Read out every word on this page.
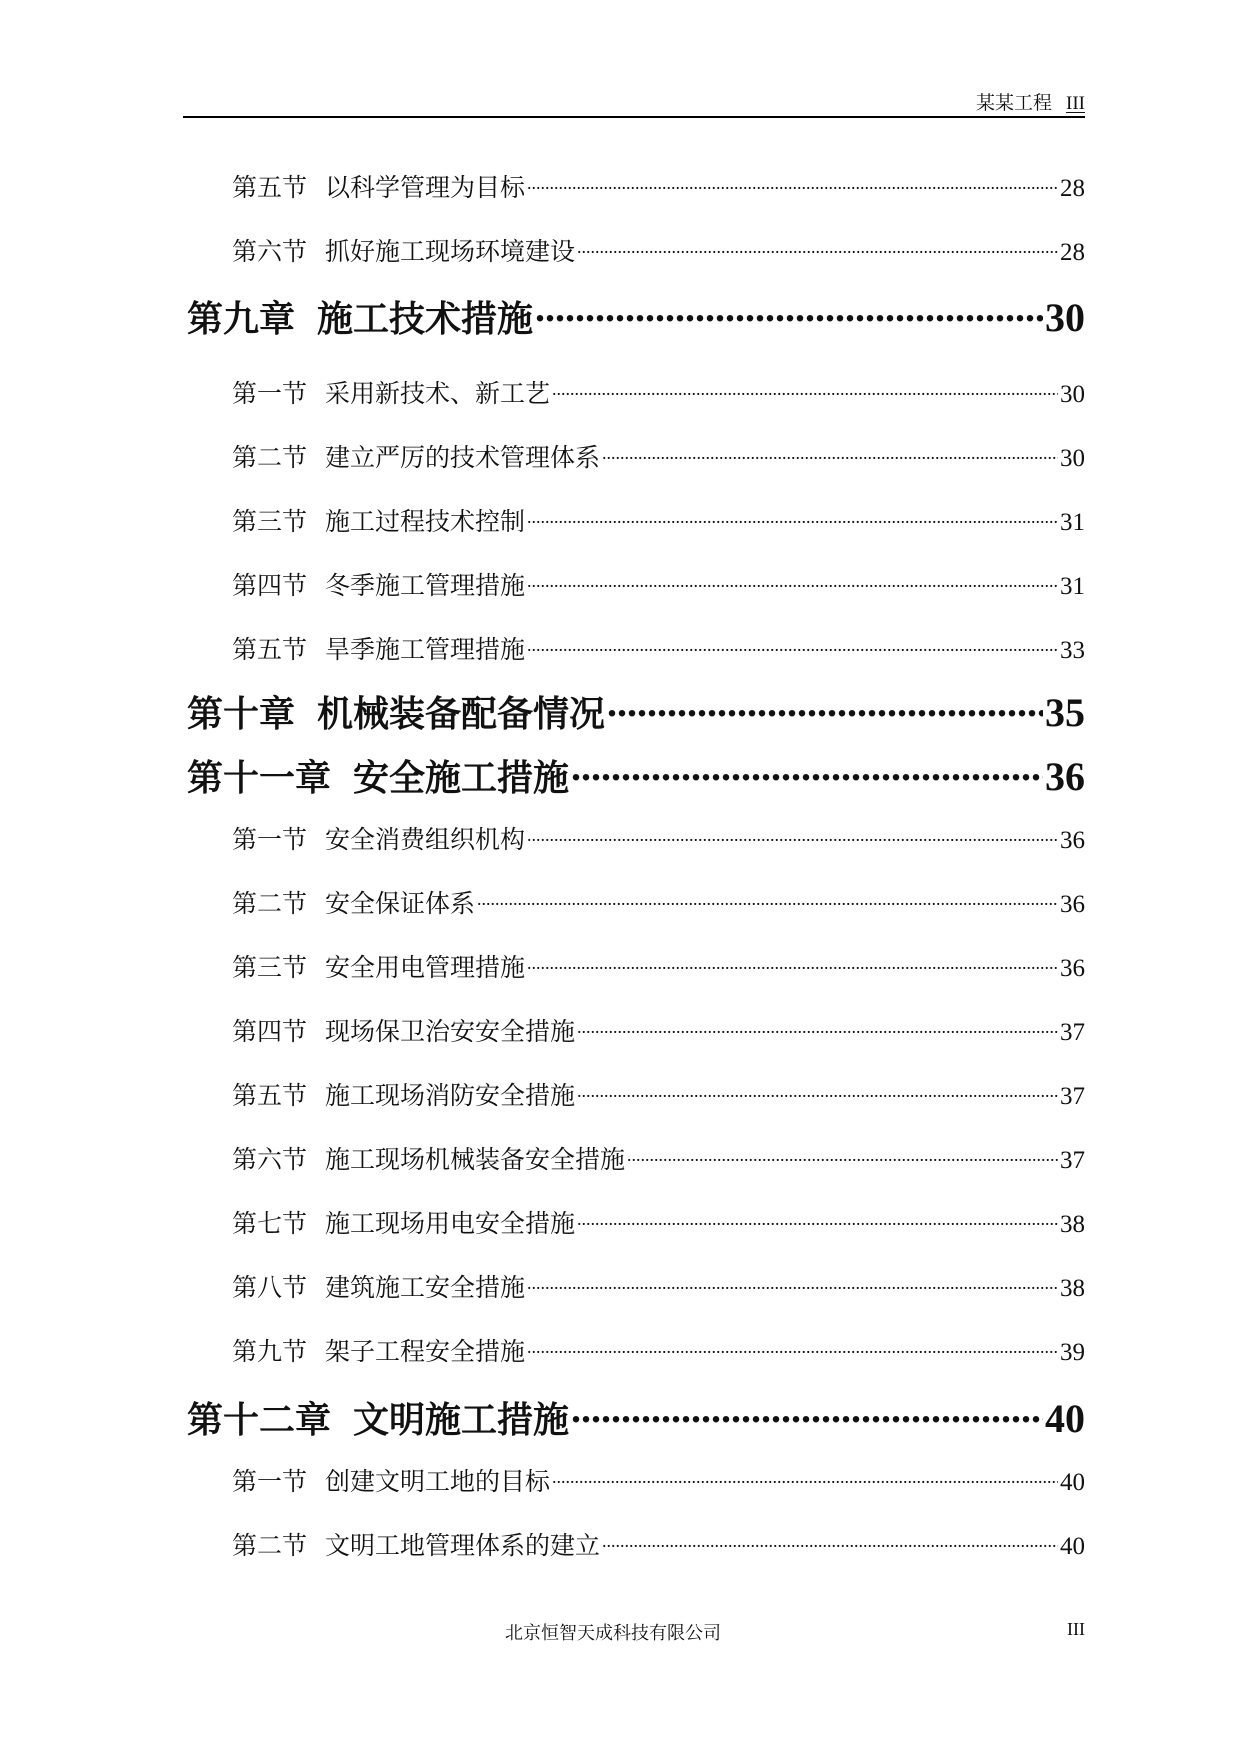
某某工程 III
第五节 以科学管理为目标 .....	28
第六节 抓好施工现场环境建设 .....	28
第九章 施工技术措施 .....	30
第一节 采用新技术、新工艺 .....	30
第二节 建立严厉的技术管理体系 .....	30
第三节 施工过程技术控制 .....	31
第四节 冬季施工管理措施 .....	31
第五节 旱季施工管理措施 .....	33
第十章 机械装备配备情况 .....	35
第十一章 安全施工措施 .....	36
第一节 安全消费组织机构 .....	36
第二节 安全保证体系 .....	36
第三节 安全用电管理措施 .....	36
第四节 现场保卫治安安全措施 .....	37
第五节 施工现场消防安全措施 .....	37
第六节 施工现场机械装备安全措施 .....	37
第七节 施工现场用电安全措施 .....	38
第八节 建筑施工安全措施 .....	38
第九节 架子工程安全措施 .....	39
第十二章 文明施工措施 .....	40
第一节 创建文明工地的目标 .....	40
第二节 文明工地管理体系的建立 .....	40
北京恒智天成科技有限公司	III
